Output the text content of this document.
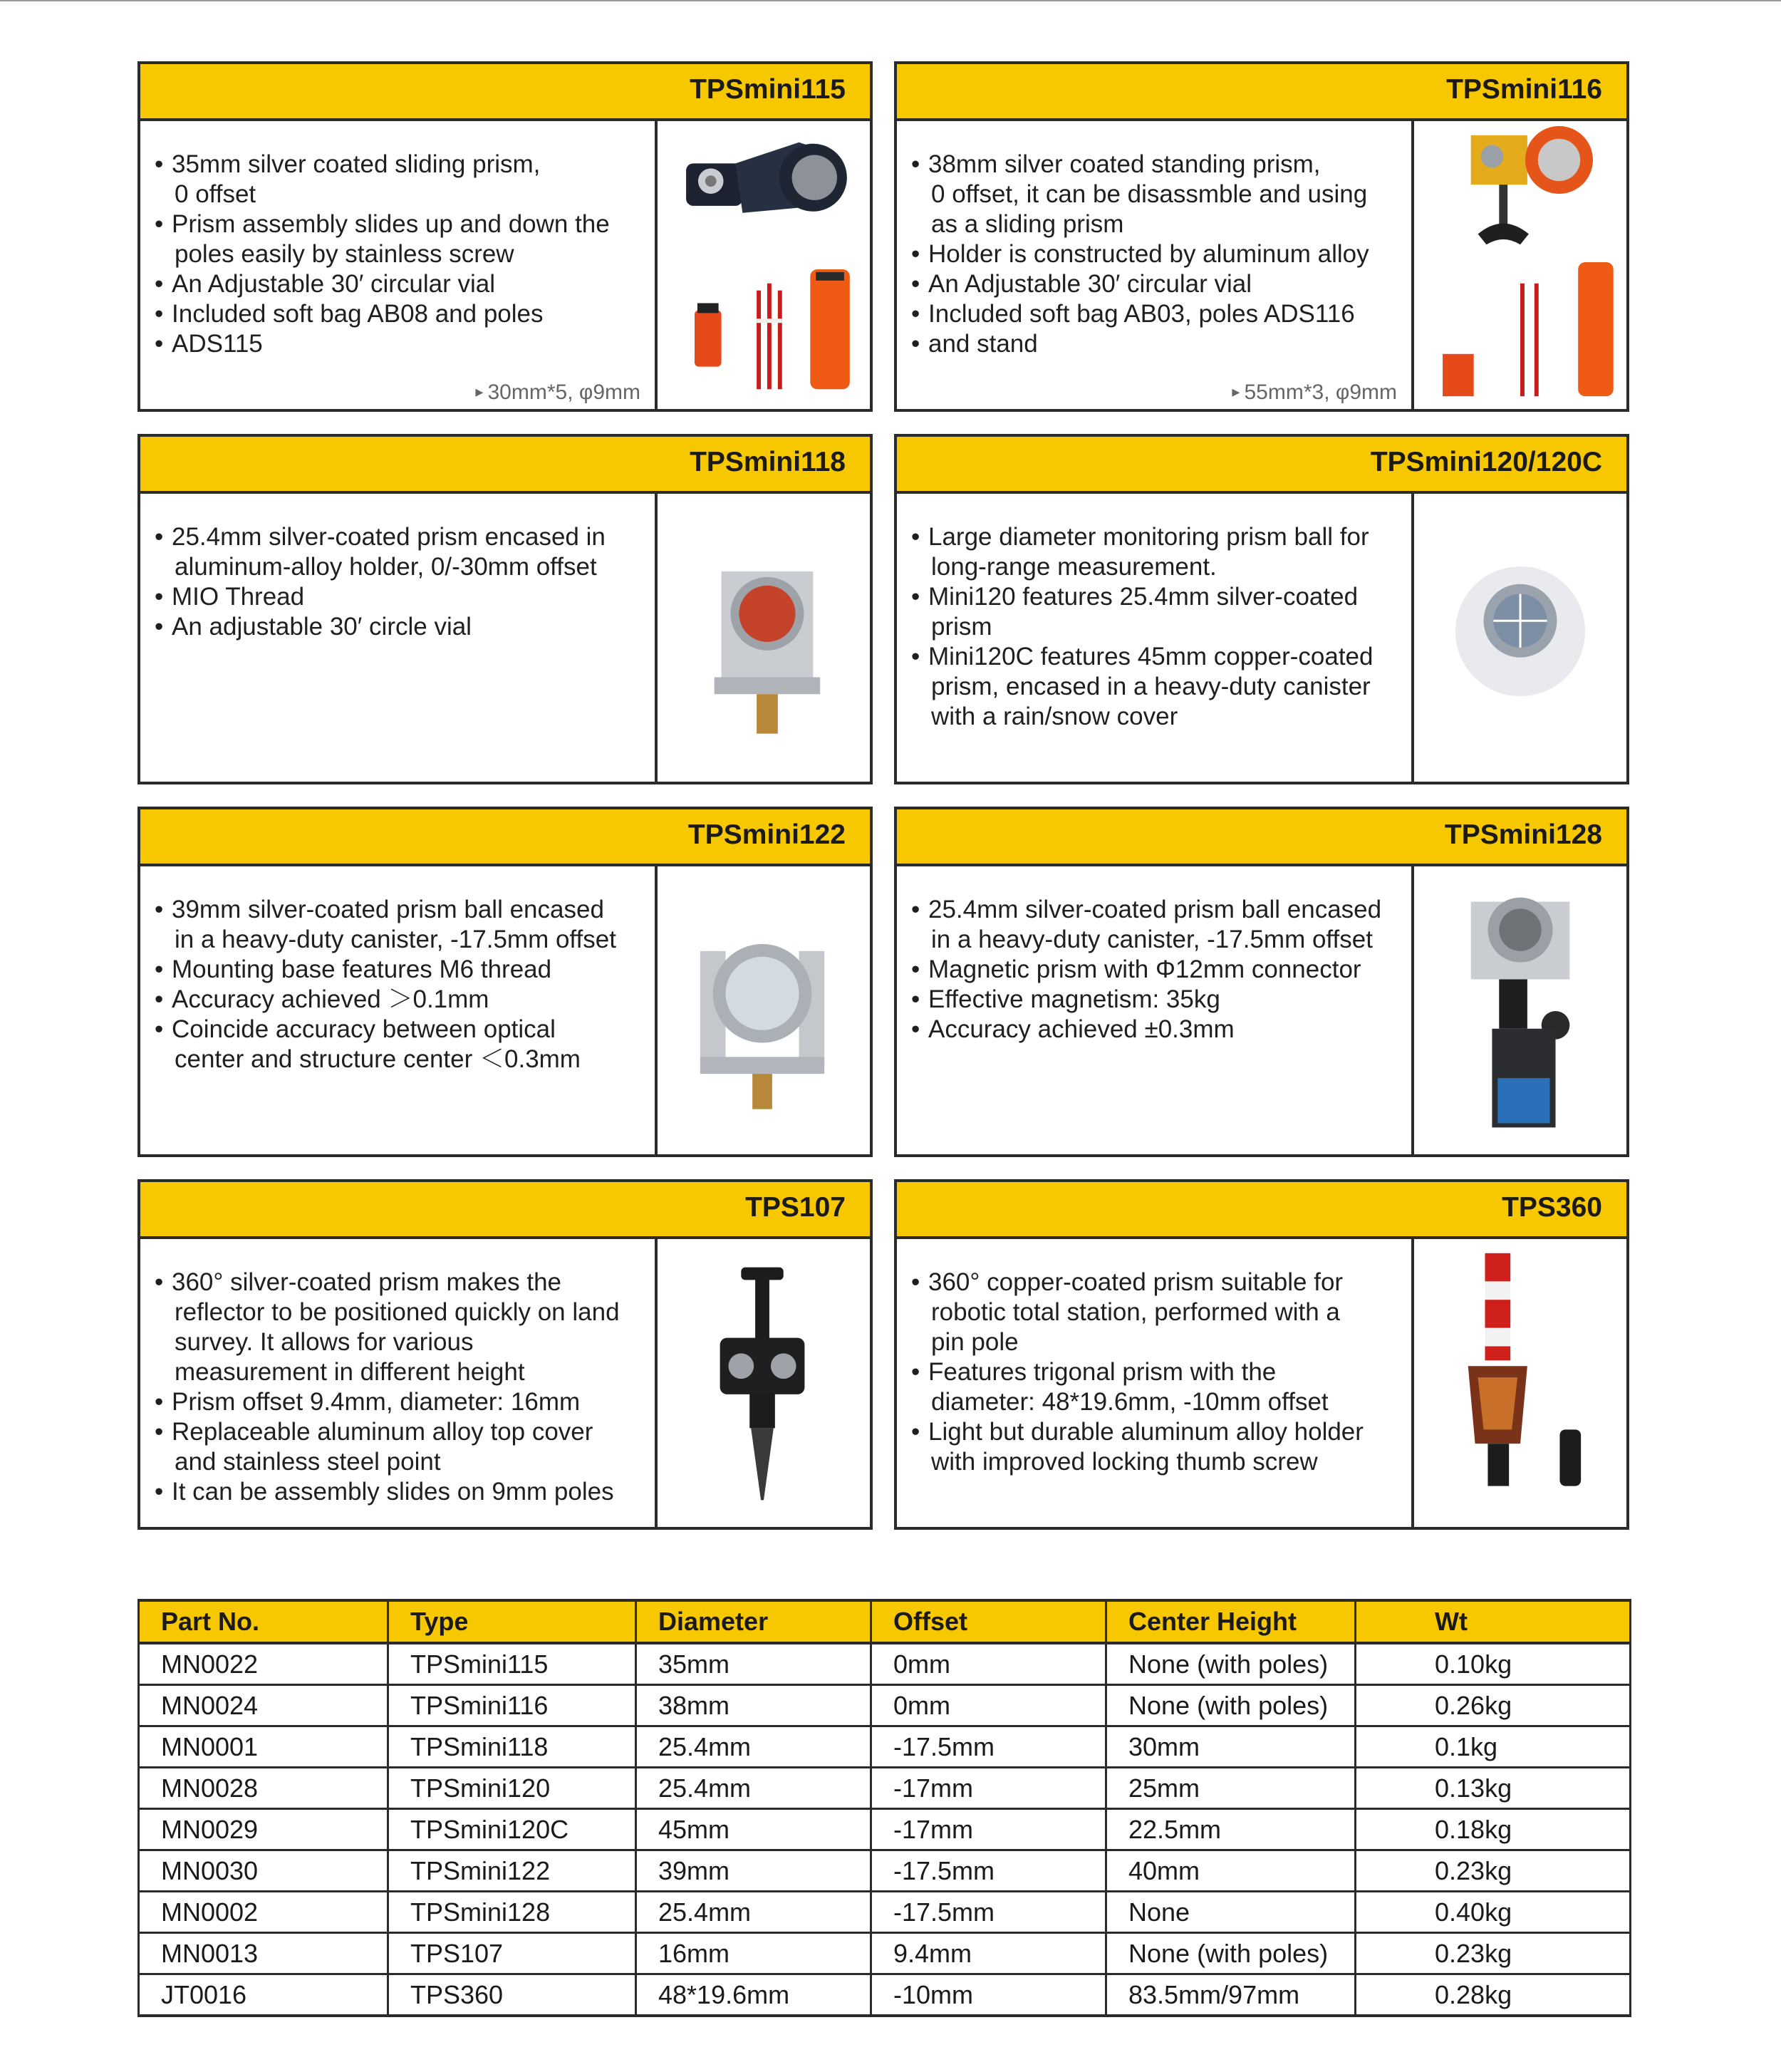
TPSmini115
• 35mm silver coated sliding prism,
0 offset
• Prism assembly slides up and down the
poles easily by stainless screw
• An Adjustable 30′ circular vial
• Included soft bag AB08 and poles
• ADS115
▸ 30mm*5, φ9mm
TPSmini116
• 38mm silver coated standing prism,
0 offset, it can be disassmble and using
as a sliding prism
• Holder is constructed by aluminum alloy
• An Adjustable 30′ circular vial
• Included soft bag AB03, poles ADS116
• and stand
▸ 55mm*3, φ9mm
TPSmini118
• 25.4mm silver-coated prism encased in
aluminum-alloy holder, 0/-30mm offset
• MIO Thread
• An adjustable 30′ circle vial
TPSmini120/120C
• Large diameter monitoring prism ball for
long-range measurement.
• Mini120 features 25.4mm silver-coated
prism
• Mini120C features 45mm copper-coated
prism, encased in a heavy-duty canister
with a rain/snow cover
TPSmini122
• 39mm silver-coated prism ball encased
in a heavy-duty canister, -17.5mm offset
• Mounting base features M6 thread
• Accuracy achieved ＞0.1mm
• Coincide accuracy between optical
center and structure center ＜0.3mm
TPSmini128
• 25.4mm silver-coated prism ball encased
in a heavy-duty canister, -17.5mm offset
• Magnetic prism with Φ12mm connector
• Effective magnetism: 35kg
• Accuracy achieved ±0.3mm
TPS107
• 360° silver-coated prism makes the
reflector to be positioned quickly on land
survey. It allows for various
measurement in different height
• Prism offset 9.4mm, diameter: 16mm
• Replaceable aluminum alloy top cover
and stainless steel point
• It can be assembly slides on 9mm poles
TPS360
• 360° copper-coated prism suitable for
robotic total station, performed with a
pin pole
• Features trigonal prism with the
diameter: 48*19.6mm, -10mm offset
• Light but durable aluminum alloy holder
with improved locking thumb screw
Part No.	Type	Diameter	Offset	Center Height	Wt
MN0022	TPSmini115	35mm	0mm	None (with poles)	0.10kg
MN0024	TPSmini116	38mm	0mm	None (with poles)	0.26kg
MN0001	TPSmini118	25.4mm	-17.5mm	30mm	0.1kg
MN0028	TPSmini120	25.4mm	-17mm	25mm	0.13kg
MN0029	TPSmini120C	45mm	-17mm	22.5mm	0.18kg
MN0030	TPSmini122	39mm	-17.5mm	40mm	0.23kg
MN0002	TPSmini128	25.4mm	-17.5mm	None	0.40kg
MN0013	TPS107	16mm	9.4mm	None (with poles)	0.23kg
JT0016	TPS360	48*19.6mm	-10mm	83.5mm/97mm	0.28kg
